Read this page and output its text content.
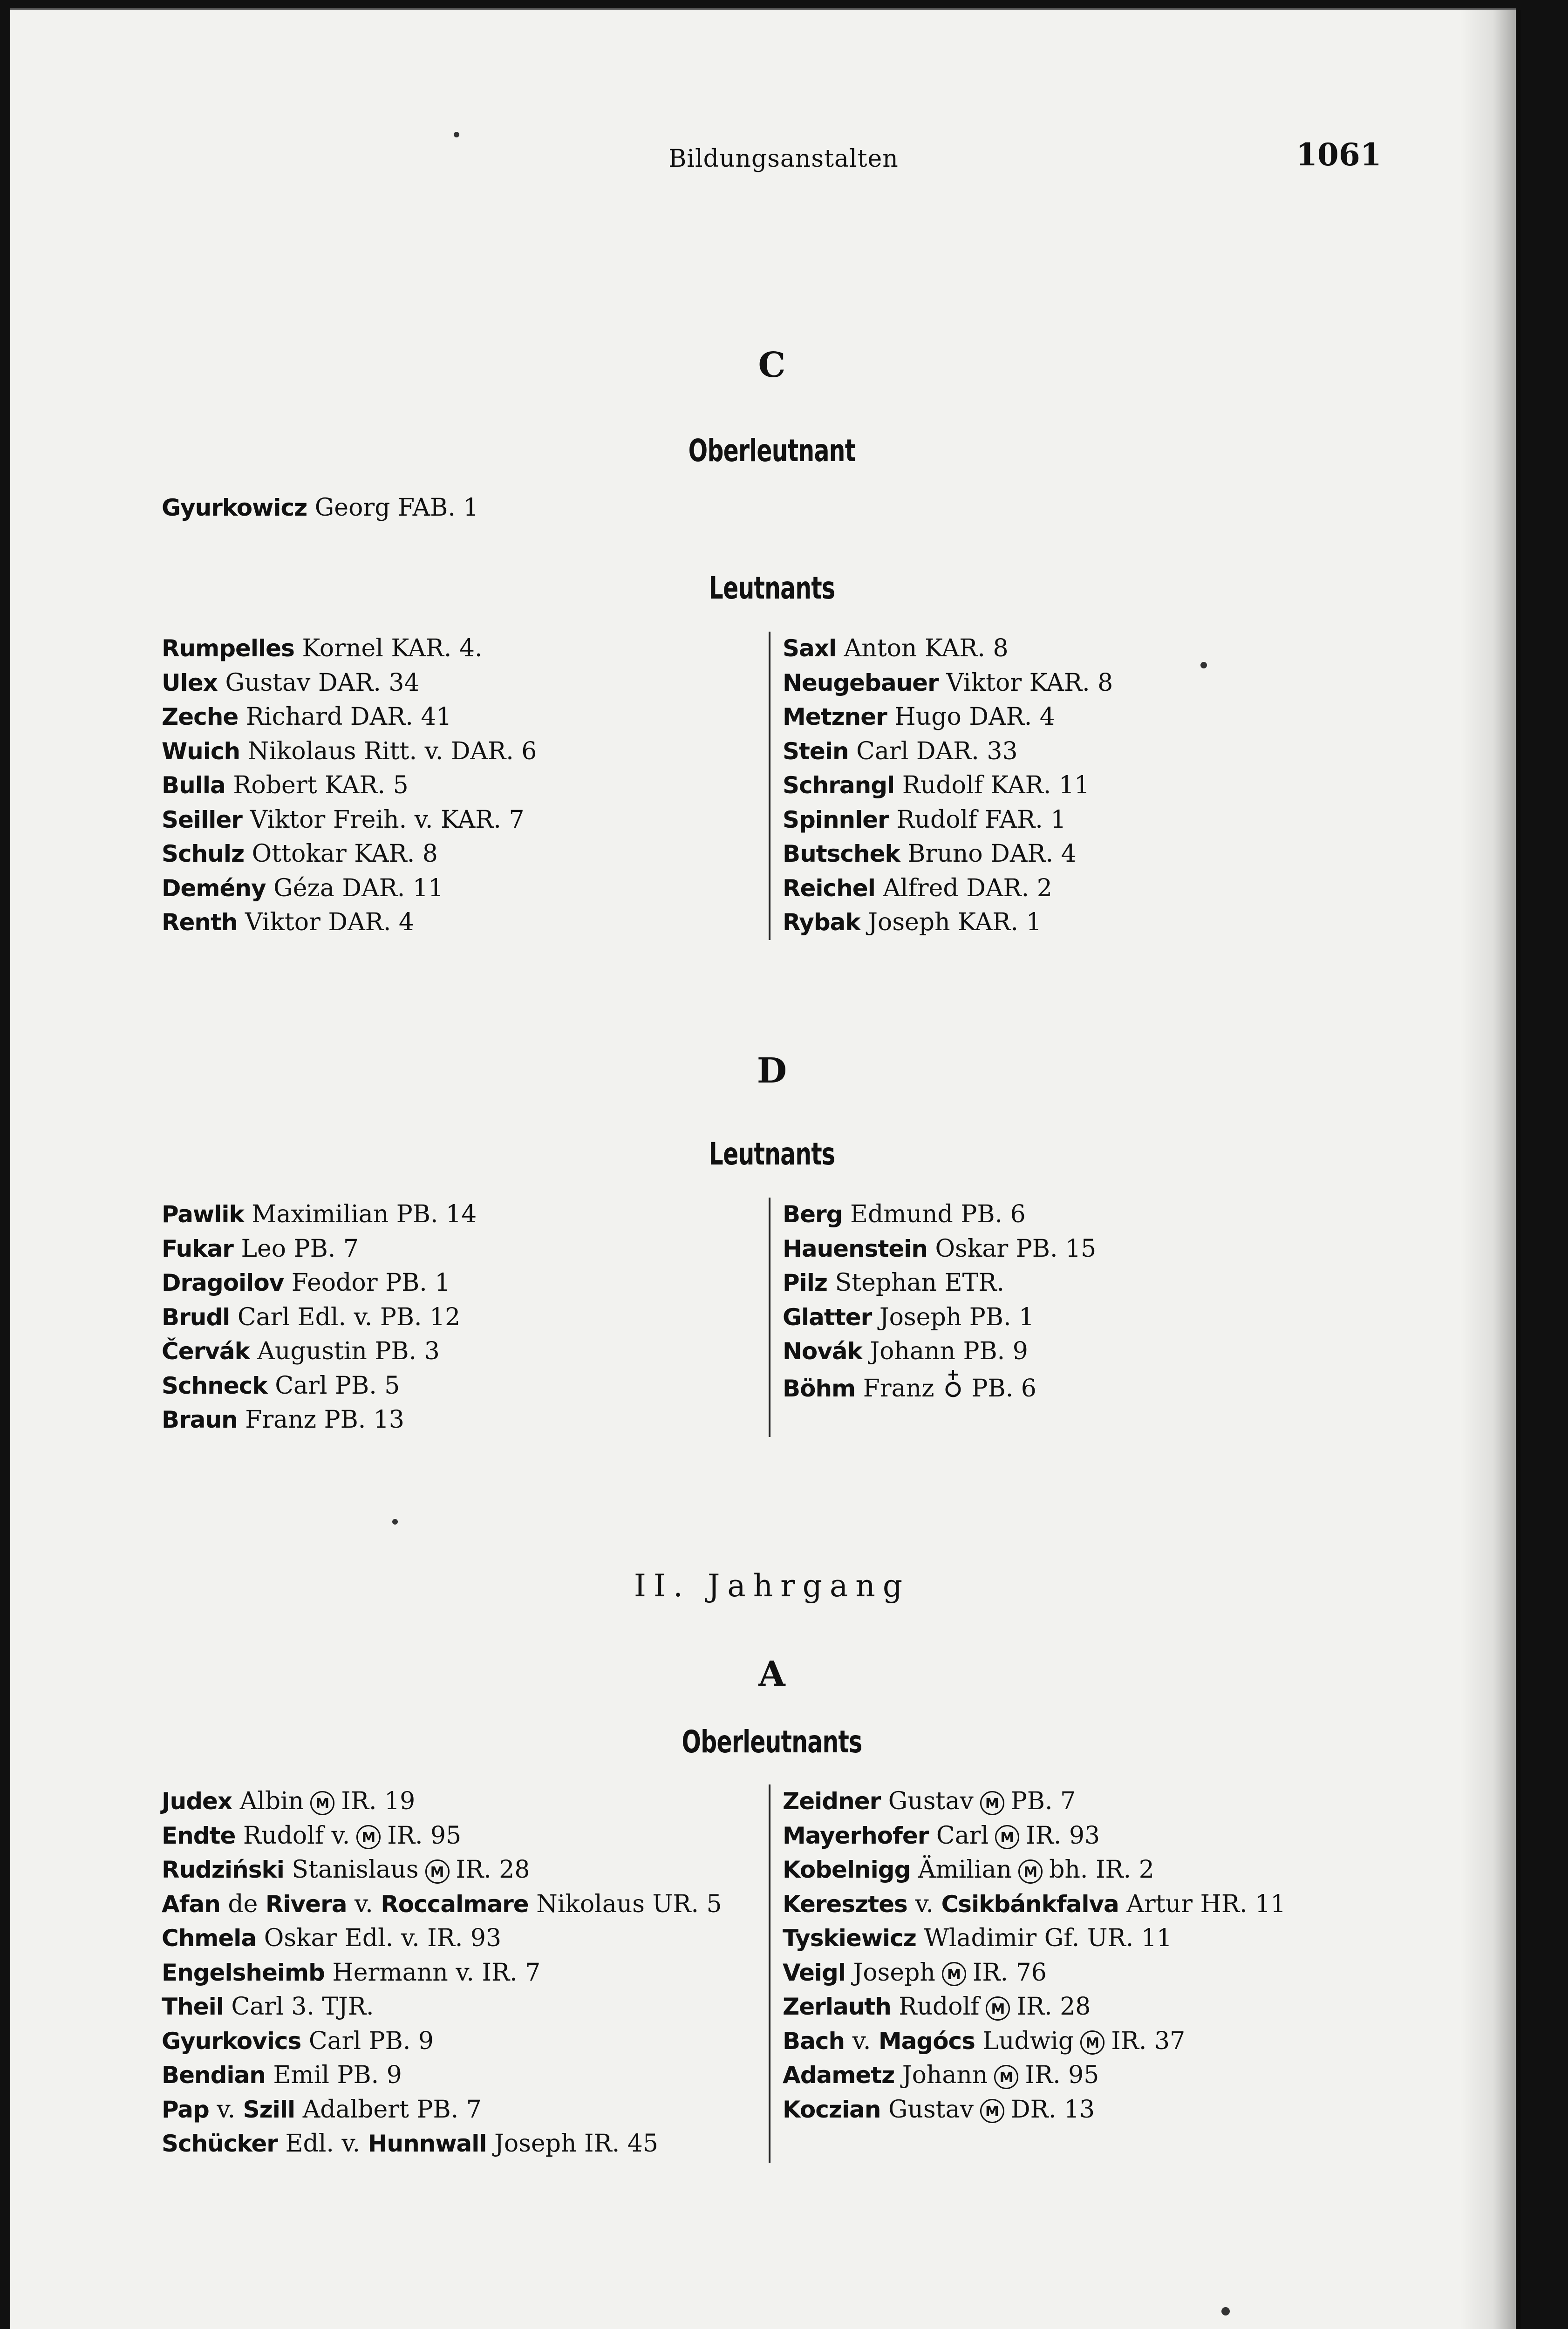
Bildungsanstalten	1061
C
Oberleutnant
Gyurkowicz Georg FAB. 1
Leutnants
Rumpelles Kornel KAR. 4.
Ulex Gustav DAR. 34
Zeche Richard DAR. 41
Wuich Nikolaus Ritt. v. DAR. 6
Bulla Robert KAR. 5
Seiller Viktor Freih. v. KAR. 7
Schulz Ottokar KAR. 8
Demény Géza DAR. 11
Renth Viktor DAR. 4
Saxl Anton KAR. 8
Neugebauer Viktor KAR. 8
Metzner Hugo DAR. 4
Stein Carl DAR. 33
Schrangl Rudolf KAR. 11
Spinnler Rudolf FAR. 1
Butschek Bruno DAR. 4
Reichel Alfred DAR. 2
Rybak Joseph KAR. 1
D
Leutnants
Pawlik Maximilian PB. 14
Fukar Leo PB. 7
Dragoilov Feodor PB. 1
Brudl Carl Edl. v. PB. 12
Červák Augustin PB. 3
Schneck Carl PB. 5
Braun Franz PB. 13
Berg Edmund PB. 6
Hauenstein Oskar PB. 15
Pilz Stephan ETR.
Glatter Joseph PB. 1
Novák Johann PB. 9
Böhm Franz PB. 6
II. Jahrgang
A
Oberleutnants
Judex Albin M IR. 19
Endte Rudolf v. M IR. 95
Rudziński Stanislaus M IR. 28
Afan de Rivera v. Roccalmare Nikolaus UR. 5
Chmela Oskar Edl. v. IR. 93
Engelsheimb Hermann v. IR. 7
Theil Carl 3. TJR.
Gyurkovics Carl PB. 9
Bendian Emil PB. 9
Pap v. Szill Adalbert PB. 7
Schücker Edl. v. Hunnwall Joseph IR. 45
Zeidner Gustav M PB. 7
Mayerhofer Carl M IR. 93
Kobelnigg Ämilian M bh. IR. 2
Keresztes v. Csikbánkfalva Artur HR. 11
Tyskiewicz Wladimir Gf. UR. 11
Veigl Joseph M IR. 76
Zerlauth Rudolf M IR. 28
Bach v. Magócs Ludwig M IR. 37
Adametz Johann M IR. 95
Koczian Gustav M DR. 13
